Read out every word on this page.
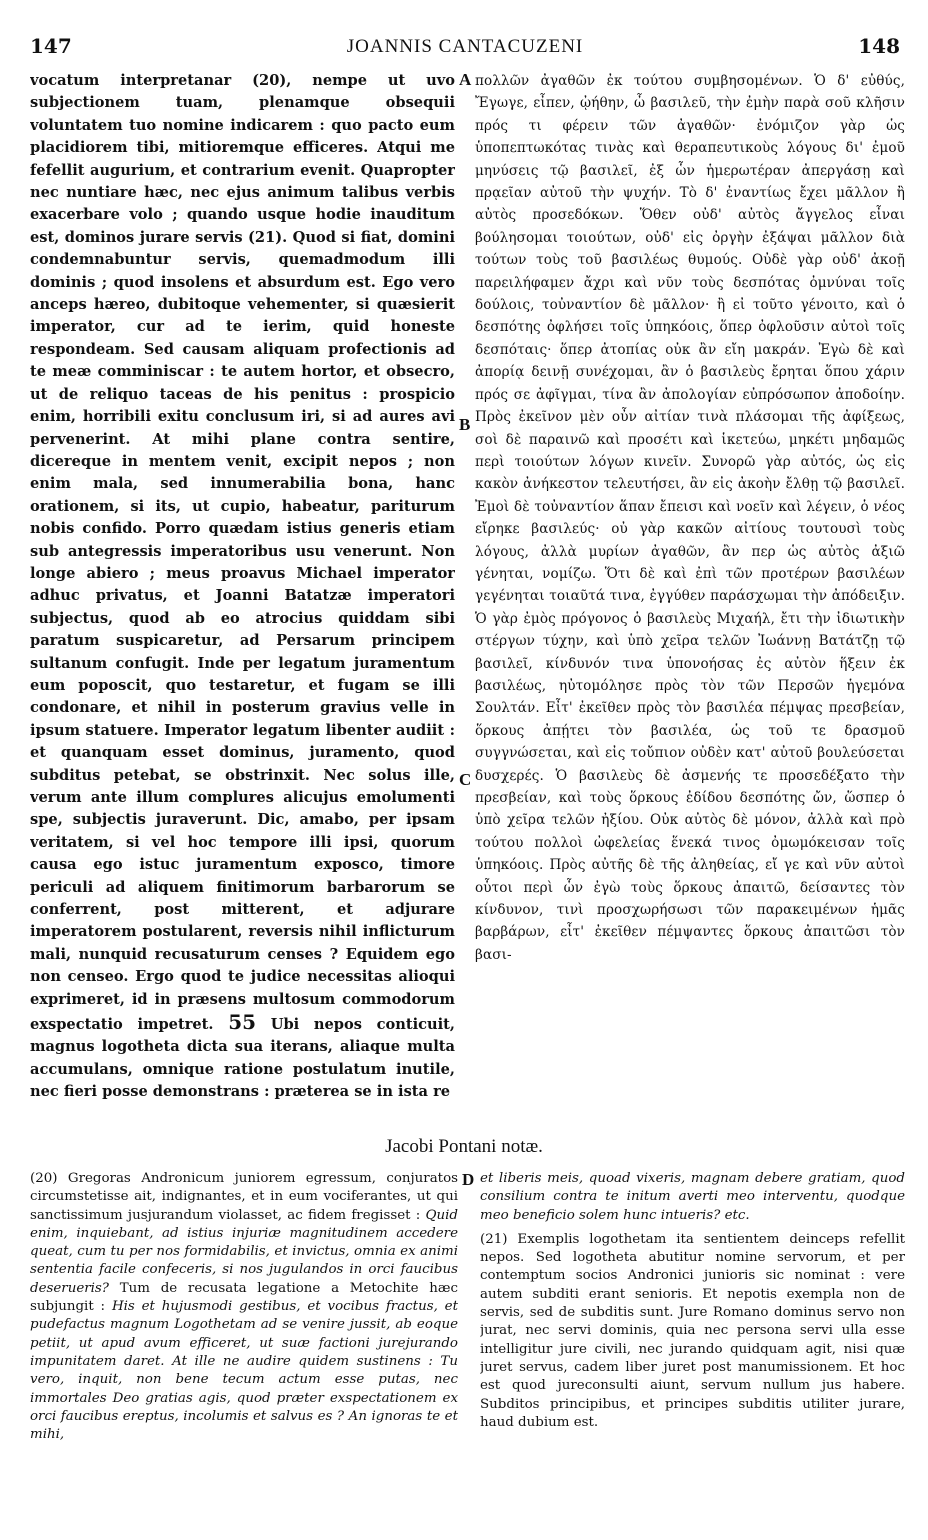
147	JOANNIS CANTACUZENI	148

vocatum interpretanar (20), nempe ut uvo subjectionem tuam, plenamque obsequii voluntatem tuo nomine indicarem : quo pacto eum placidiorem tibi, mitioremque efficeres. Atqui me fefellit augurium, et contrarium evenit. Quapropter nec nuntiare hæc, nec ejus animum talibus verbis exacerbare volo ; quando usque hodie inauditum est, dominos jurare servis (21). Quod si fiat, domini condemnabuntur servis, quemadmodum illi dominis ; quod insolens et absurdum est. Ego vero anceps hæreo, dubitoque vehementer, si quæsierit imperator, cur ad te ierim, quid honeste respondeam. Sed causam aliquam profectionis ad te meæ comminiscar : te autem hortor, et obsecro, ut de reliquo taceas de his penitus : prospicio enim, horribili exitu conclusum iri, si ad aures avi pervenerint. At mihi plane contra sentire, dicereque in mentem venit, excipit nepos ; non enim mala, sed innumerabilia bona, hanc orationem, si its, ut cupio, habeatur, pariturum nobis confido. Porro quædam istius generis etiam sub antegressis imperatoribus usu venerunt. Non longe abiero ; meus proavus Michael imperator adhuc privatus, et Joanni Batatzæ imperatori subjectus, quod ab eo atrocius quiddam sibi paratum suspicaretur, ad Persarum principem sultanum confugit. Inde per legatum juramentum eum poposcit, quo testaretur, et fugam se illi condonare, et nihil in posterum gravius velle in ipsum statuere. Imperator legatum libenter audiit : et quanquam esset dominus, juramento, quod subditus petebat, se obstrinxit. Nec solus ille, verum ante illum complures alicujus emolumenti spe, subjectis juraverunt. Dic, amabo, per ipsam veritatem, si vel hoc tempore illi ipsi, quorum causa ego istuc juramentum exposco, timore periculi ad aliquem finitimorum barbarorum se conferrent, post mitterent, et adjurare imperatorem postularent, reversis nihil inflicturum mali, nunquid recusaturum censes ? Equidem ego non censeo. Ergo quod te judice necessitas alioqui exprimeret, id in præsens multosum commodorum exspectatio impetret. 55 Ubi nepos conticuit, magnus logotheta dicta sua iterans, aliaque multa accumulans, omnique ratione postulatum inutile, nec fieri posse demonstrans : præterea se in ista re

A
B
C

πολλῶν ἀγαθῶν ἐκ τούτου συμβησομένων. Ὁ δ' εὐθύς, Ἔγωγε, εἶπεν, ᾠήθην, ὦ βασιλεῦ, τὴν ἐμὴν παρὰ σοῦ κλῆσιν πρός τι φέρειν τῶν ἀγαθῶν· ἐνόμιζον γὰρ ὡς ὑποπεπτωκότας τινὰς καὶ θεραπευτικοὺς λόγους δι' ἐμοῦ μηνύσεις τῷ βασιλεῖ, ἐξ ὧν ἡμερωτέραν ἀπεργάσῃ καὶ πρᾳεῖαν αὐτοῦ τὴν ψυχήν. Τὸ δ' ἐναντίως ἔχει μᾶλλον ἢ αὐτὸς προσεδόκων. Ὅθεν οὐδ' αὐτὸς ἄγγελος εἶναι βούλησομαι τοιούτων, οὐδ' εἰς ὀργὴν ἐξάψαι μᾶλλον διὰ τούτων τοὺς τοῦ βασιλέως θυμούς. Οὐδὲ γὰρ οὐδ' ἀκοῇ παρειλήφαμεν ἄχρι καὶ νῦν τοὺς δεσπότας ὀμνύναι τοῖς δούλοις, τοὐναντίον δὲ μᾶλλον· ἢ εἰ τοῦτο γένοιτο, καὶ ὁ δεσπότης ὀφλήσει τοῖς ὑπηκόοις, ὅπερ ὀφλοῦσιν αὐτοὶ τοῖς δεσπόταις· ὅπερ ἀτοπίας οὐκ ἂν εἴη μακράν. Ἐγὼ δὲ καὶ ἀπορίᾳ δεινῇ συνέχομαι, ἂν ὁ βασιλεὺς ἔρηται ὅπου χάριν πρός σε ἀφῖγμαι, τίνα ἂν ἀπολογίαν εὐπρόσωπον ἀποδοίην. Πρὸς ἐκεῖνον μὲν οὖν αἰτίαν τινὰ πλάσομαι τῆς ἀφίξεως, σοὶ δὲ παραινῶ καὶ προσέτι καὶ ἱκετεύω, μηκέτι μηδαμῶς περὶ τοιούτων λόγων κινεῖν. Συνορῶ γὰρ αὐτός, ὡς εἰς κακὸν ἀνήκεστον τελευτήσει, ἂν εἰς ἀκοὴν ἔλθῃ τῷ βασιλεῖ. Ἐμοὶ δὲ τοὐναντίον ἅπαν ἔπεισι καὶ νοεῖν καὶ λέγειν, ὁ νέος εἴρηκε βασιλεύς· οὐ γὰρ κακῶν αἰτίους τουτουσὶ τοὺς λόγους, ἀλλὰ μυρίων ἀγαθῶν, ἂν περ ὡς αὐτὸς ἀξιῶ γένηται, νομίζω. Ὅτι δὲ καὶ ἐπὶ τῶν προτέρων βασιλέων γεγένηται τοιαῦτά τινα, ἐγγύθεν παράσχωμαι τὴν ἀπόδειξιν. Ὁ γὰρ ἐμὸς πρόγονος ὁ βασιλεὺς Μιχαήλ, ἔτι τὴν ἰδιωτικὴν στέργων τύχην, καὶ ὑπὸ χεῖρα τελῶν Ἰωάννῃ Βατάτζῃ τῷ βασιλεῖ, κίνδυνόν τινα ὑπονοήσας ἐς αὐτὸν ἥξειν ἐκ βασιλέως, ηὐτομόλησε πρὸς τὸν τῶν Περσῶν ἡγεμόνα Σουλτάν. Εἶτ' ἐκεῖθεν πρὸς τὸν βασιλέα πέμψας πρεσβείαν, ὅρκους ἀπῄτει τὸν βασιλέα, ὡς τοῦ τε δρασμοῦ συγγνώσεται, καὶ εἰς τοὔπιον οὐδὲν κατ' αὐτοῦ βουλεύσεται δυσχερές. Ὁ βασιλεὺς δὲ ἀσμενής τε προσεδέξατο τὴν πρεσβείαν, καὶ τοὺς ὅρκους ἐδίδου δεσπότης ὤν, ὥσπερ ὁ ὑπὸ χεῖρα τελῶν ἠξίου. Οὐκ αὐτὸς δὲ μόνον, ἀλλὰ καὶ πρὸ τούτου πολλοὶ ὠφελείας ἕνεκά τινος ὀμωμόκεισαν τοῖς ὑπηκόοις. Πρὸς αὐτῆς δὲ τῆς ἀληθείας, εἴ γε καὶ νῦν αὐτοὶ οὗτοι περὶ ὧν ἐγὼ τοὺς ὅρκους ἀπαιτῶ, δείσαντες τὸν κίνδυνον, τινὶ προσχωρήσωσι τῶν παρακειμένων ἡμᾶς βαρβάρων, εἶτ' ἐκεῖθεν πέμψαντες ὅρκους ἀπαιτῶσι τὸν βασι-

Jacobi Pontani notæ.

(20) Gregoras Andronicum juniorem egressum, conjuratos circumstetisse ait, indignantes, et in eum vociferantes, ut qui sanctissimum jusjurandum violasset, ac fidem fregisset : Quid enim, inquiebant, ad istius injuriæ magnitudinem accedere queat, cum tu per nos formidabilis, et invictus, omnia ex animi sententia facile confeceris, si nos jugulandos in orci faucibus deserueris? Tum de recusata legatione a Metochite hæc subjungit : His et hujusmodi gestibus, et vocibus fractus, et pudefactus magnum Logothetam ad se venire jussit, ab eoque petiit, ut apud avum efficeret, ut suæ factioni jurejurando impunitatem daret. At ille ne audire quidem sustinens : Tu vero, inquit, non bene tecum actum esse putas, nec immortales Deo gratias agis, quod præter exspectationem ex orci faucibus ereptus, incolumis et salvus es ? An ignoras te et mihi,

D et liberis meis, quoad vixeris, magnam debere gratiam, quod consilium contra te initum averti meo interventu, quodque meo beneficio solem hunc intueris? etc.

(21) Exemplis logothetam ita sentientem deinceps refellit nepos. Sed logotheta abutitur nomine servorum, et per contemptum socios Andronici junioris sic nominat : vere autem subditi erant senioris. Et nepotis exempla non de servis, sed de subditis sunt. Jure Romano dominus servo non jurat, nec servi dominis, quia nec persona servi ulla esse intelligitur jure civili, nec jurando quidquam agit, nisi quæ juret servus, cadem liber juret post manumissionem. Et hoc est quod jureconsulti aiunt, servum nullum jus habere. Subditos principibus, et principes subditis utiliter jurare, haud dubium est.
